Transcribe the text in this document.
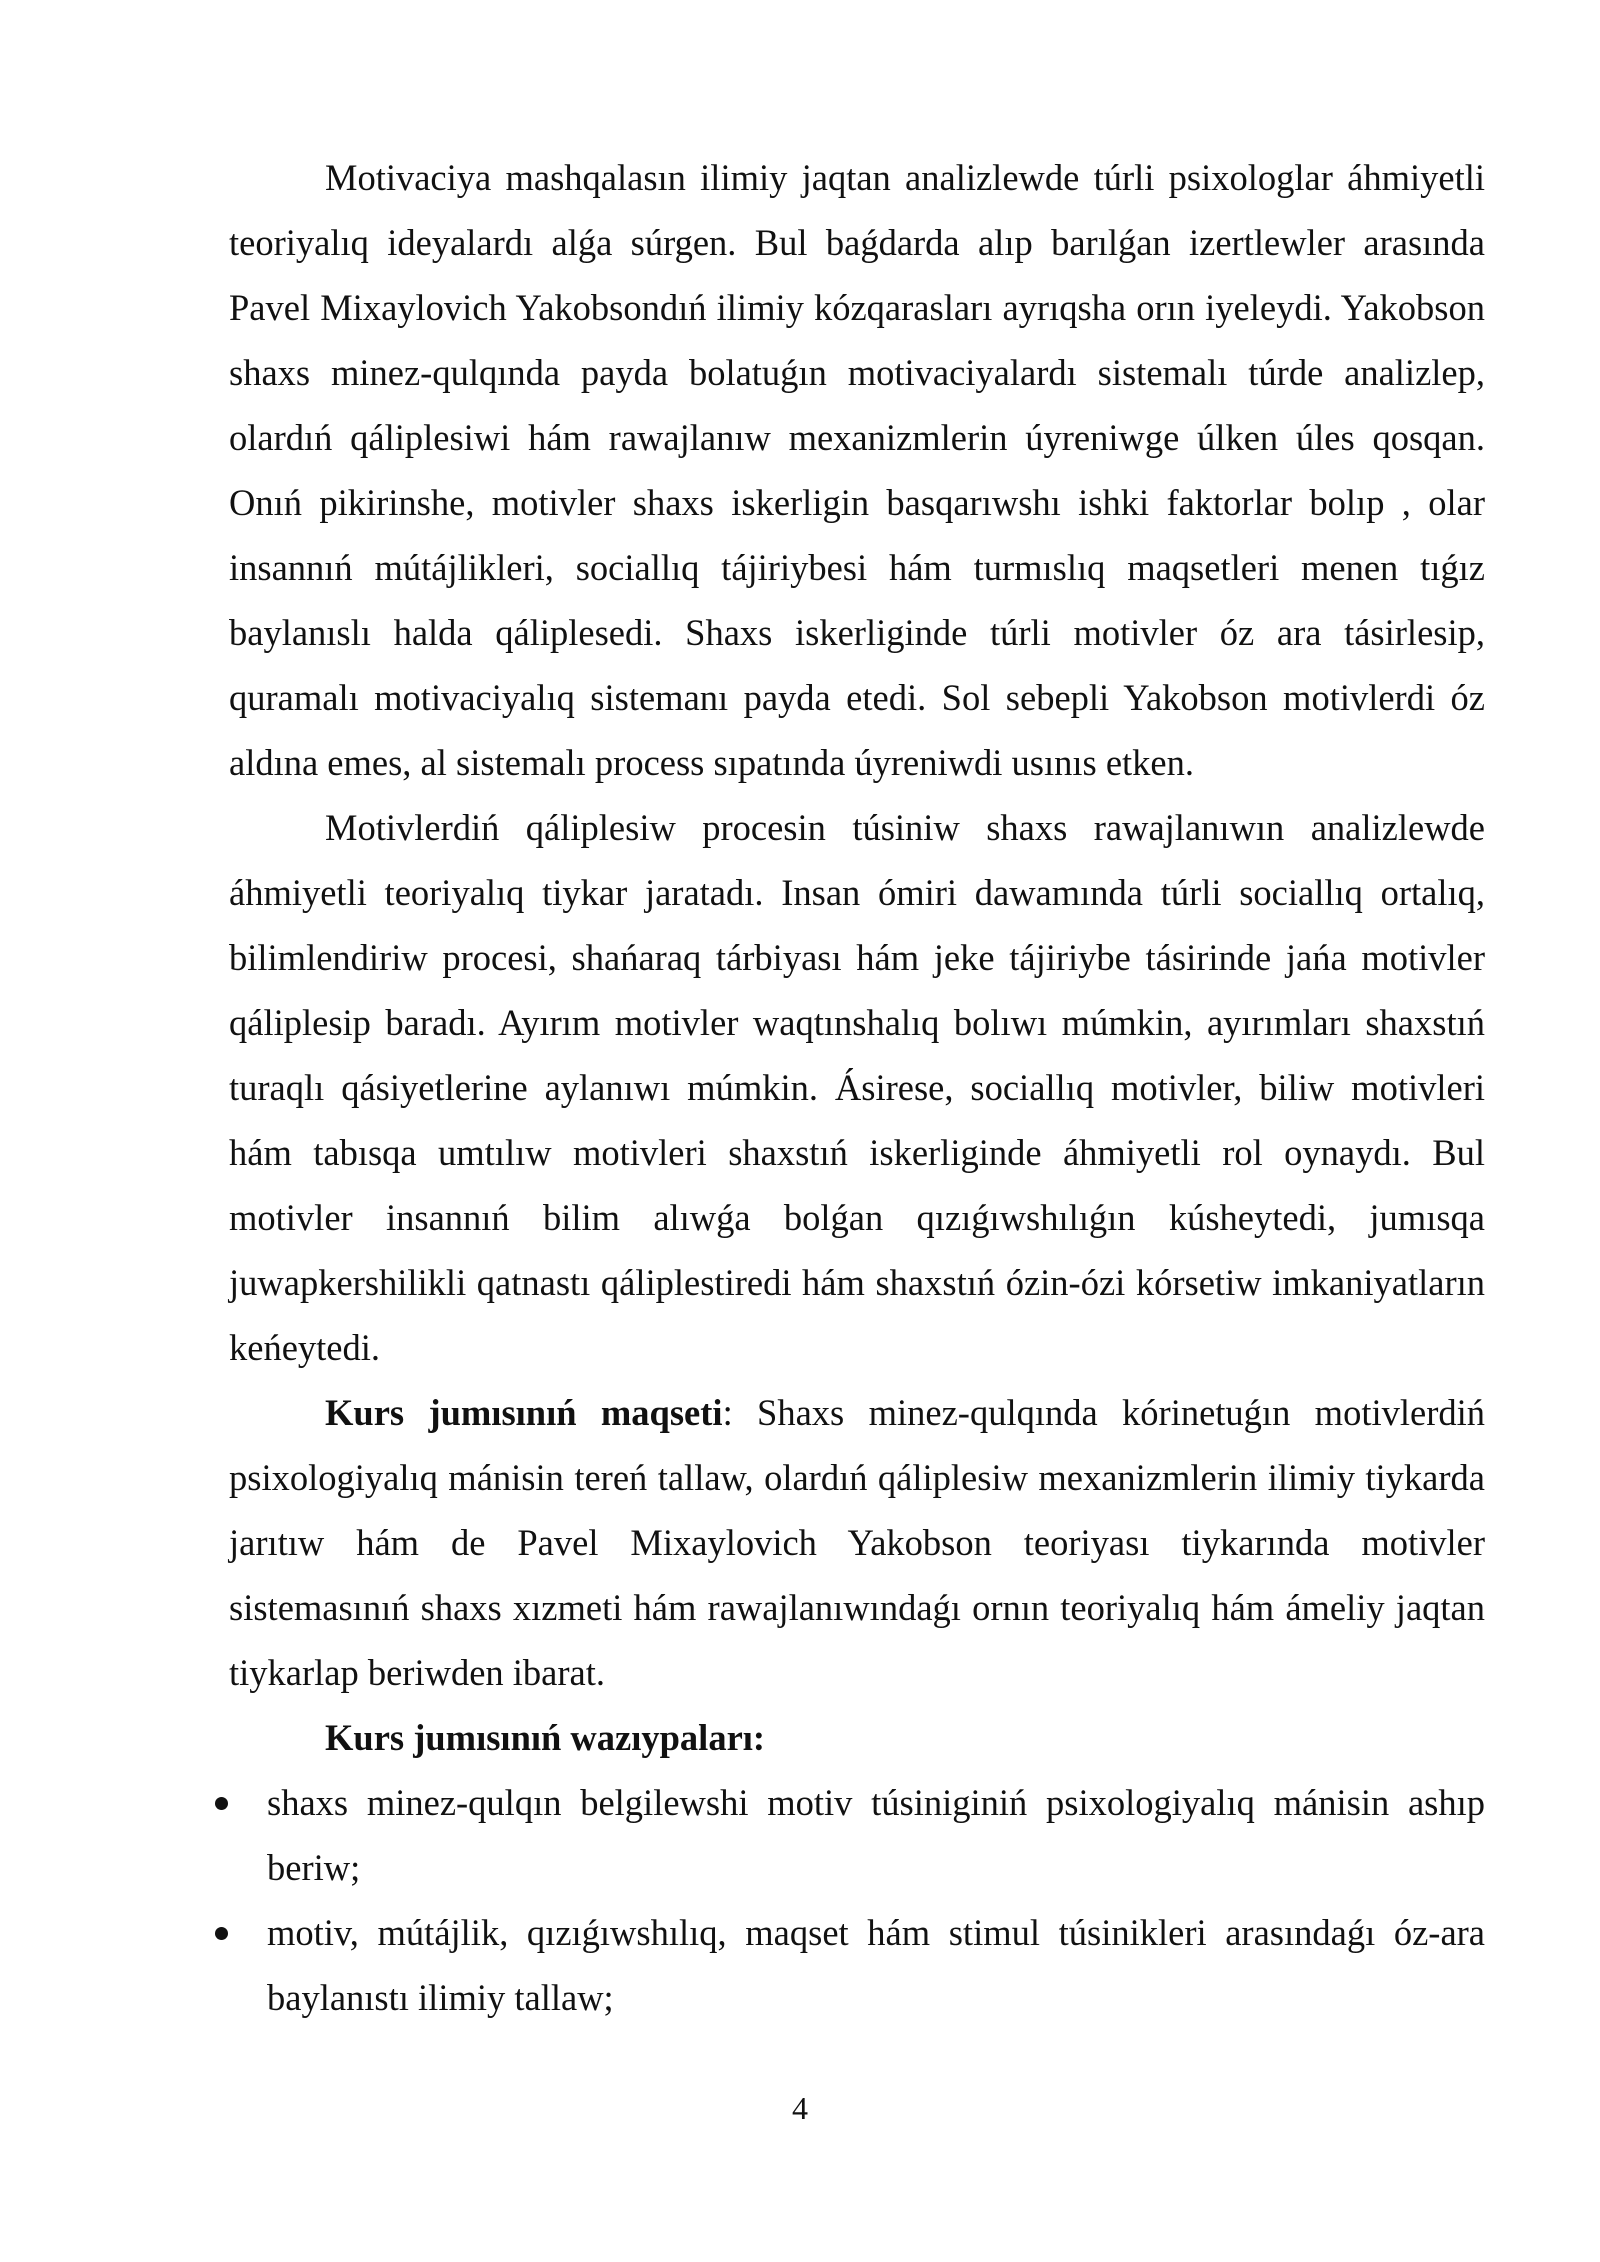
Motivaciya mashqalasın ilimiy jaqtan analizlewde túrli psixologlar áhmiyetli teoriyalıq ideyalardı alǵa súrgen. Bul baǵdarda alıp barılǵan izertlewler arasında Pavel Mixaylovich Yakobsondıń ilimiy kózqarasları ayrıqsha orın iyeleydi. Yakobson shaxs minez-qulqında payda bolatuǵın motivaciyalardı sistemalı túrde analizlep, olardıń qáliplesiwi hám rawajlanıw mexanizmlerin úyreniwge úlken úles qosqan. Onıń pikirinshe, motivler shaxs iskerligin basqarıwshı ishki faktorlar bolıp , olar insannıń mútájlikleri, sociallıq tájiriybesi hám turmıslıq maqsetleri menen tıǵız baylanıslı halda qáliplesedi. Shaxs iskerliginde túrli motivler óz ara tásirlesip, quramalı motivaciyalıq sistemanı payda etedi. Sol sebepli Yakobson motivlerdi óz aldına emes, al sistemalı process sıpatında úyreniwdi usınıs etken.

Motivlerdiń qáliplesiw procesin túsiniw shaxs rawajlanıwın analizlewde áhmiyetli teoriyalıq tiykar jaratadı. Insan ómiri dawamında túrli sociallıq ortalıq, bilimlendiriw procesi, shańaraq tárbiyası hám jeke tájiriybe tásirinde jańa motivler qáliplesip baradı. Ayırım motivler waqtınshalıq bolıwı múmkin, ayırımları shaxstıń turaqlı qásiyetlerine aylanıwı múmkin. Ásirese, sociallıq motivler, biliw motivleri hám tabısqa umtılıw motivleri shaxstıń iskerliginde áhmiyetli rol oynaydı. Bul motivler insannıń bilim alıwǵa bolǵan qızıǵıwshılıǵın kúsheytedi, jumısqa juwapkershilikli qatnastı qáliplestiredi hám shaxstıń ózin-ózi kórsetiw imkaniyatların keńeytedi.

Kurs jumısınıń maqseti: Shaxs minez-qulqında kórinetuǵın motivlerdiń psixologiyalıq mánisin tereń tallaw, olardıń qáliplesiw mexanizmlerin ilimiy tiykarda jarıtıw hám de Pavel Mixaylovich Yakobson teoriyası tiykarında motivler sistemasınıń shaxs xızmeti hám rawajlanıwındaǵı ornın teoriyalıq hám ámeliy jaqtan tiykarlap beriwden ibarat.

Kurs jumısınıń wazıypaları:

shaxs minez-qulqın belgilewshi motiv túsiniginiń psixologiyalıq mánisin ashıp beriw;
motiv, mútájlik, qızıǵıwshılıq, maqset hám stimul túsinikleri arasındaǵı óz-ara baylanıstı ilimiy tallaw;
4
